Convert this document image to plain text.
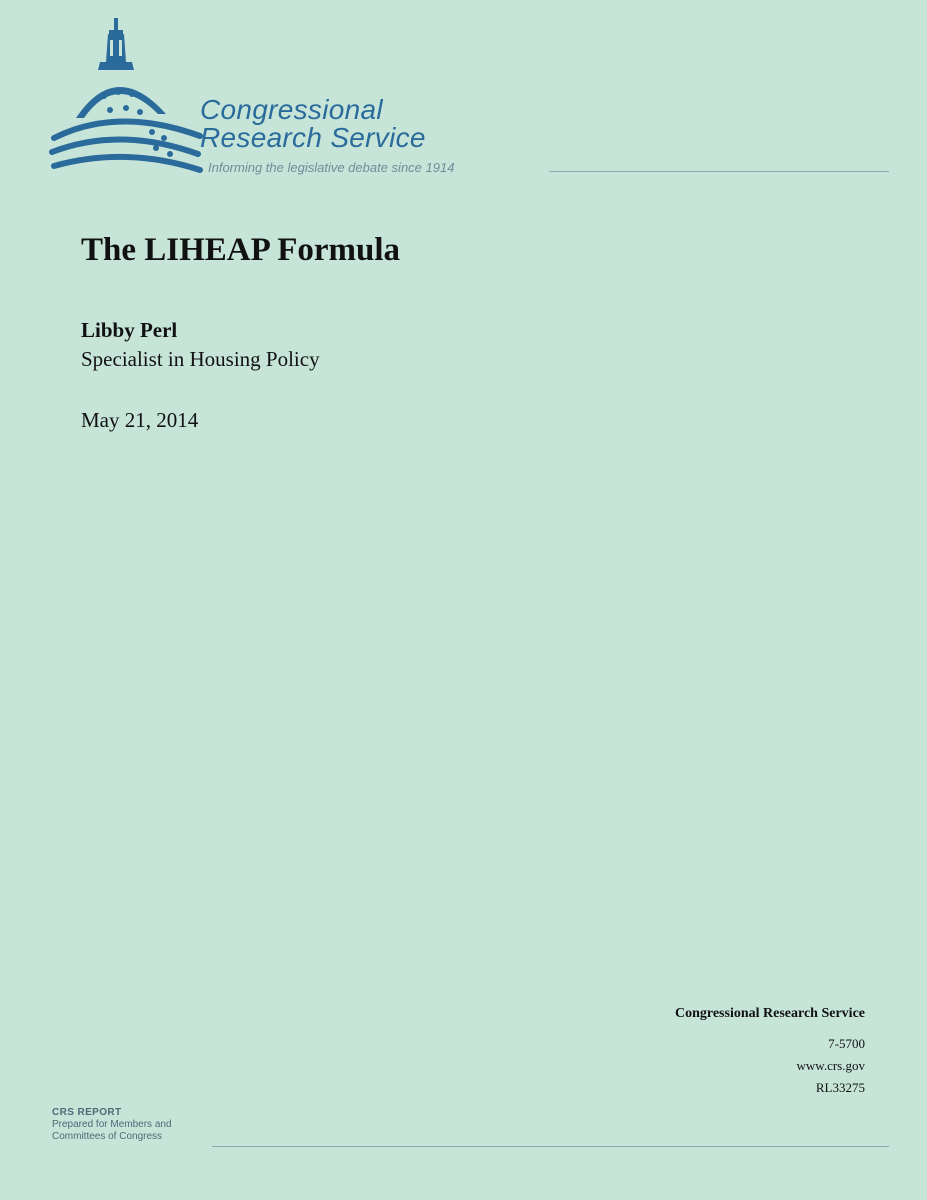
Congressional
Research Service
Informing the legislative debate since 1914
The LIHEAP Formula
Libby Perl
Specialist in Housing Policy
May 21, 2014
Congressional Research Service
7-5700
www.crs.gov
RL33275
CRS REPORT
Prepared for Members and
Committees of Congress
